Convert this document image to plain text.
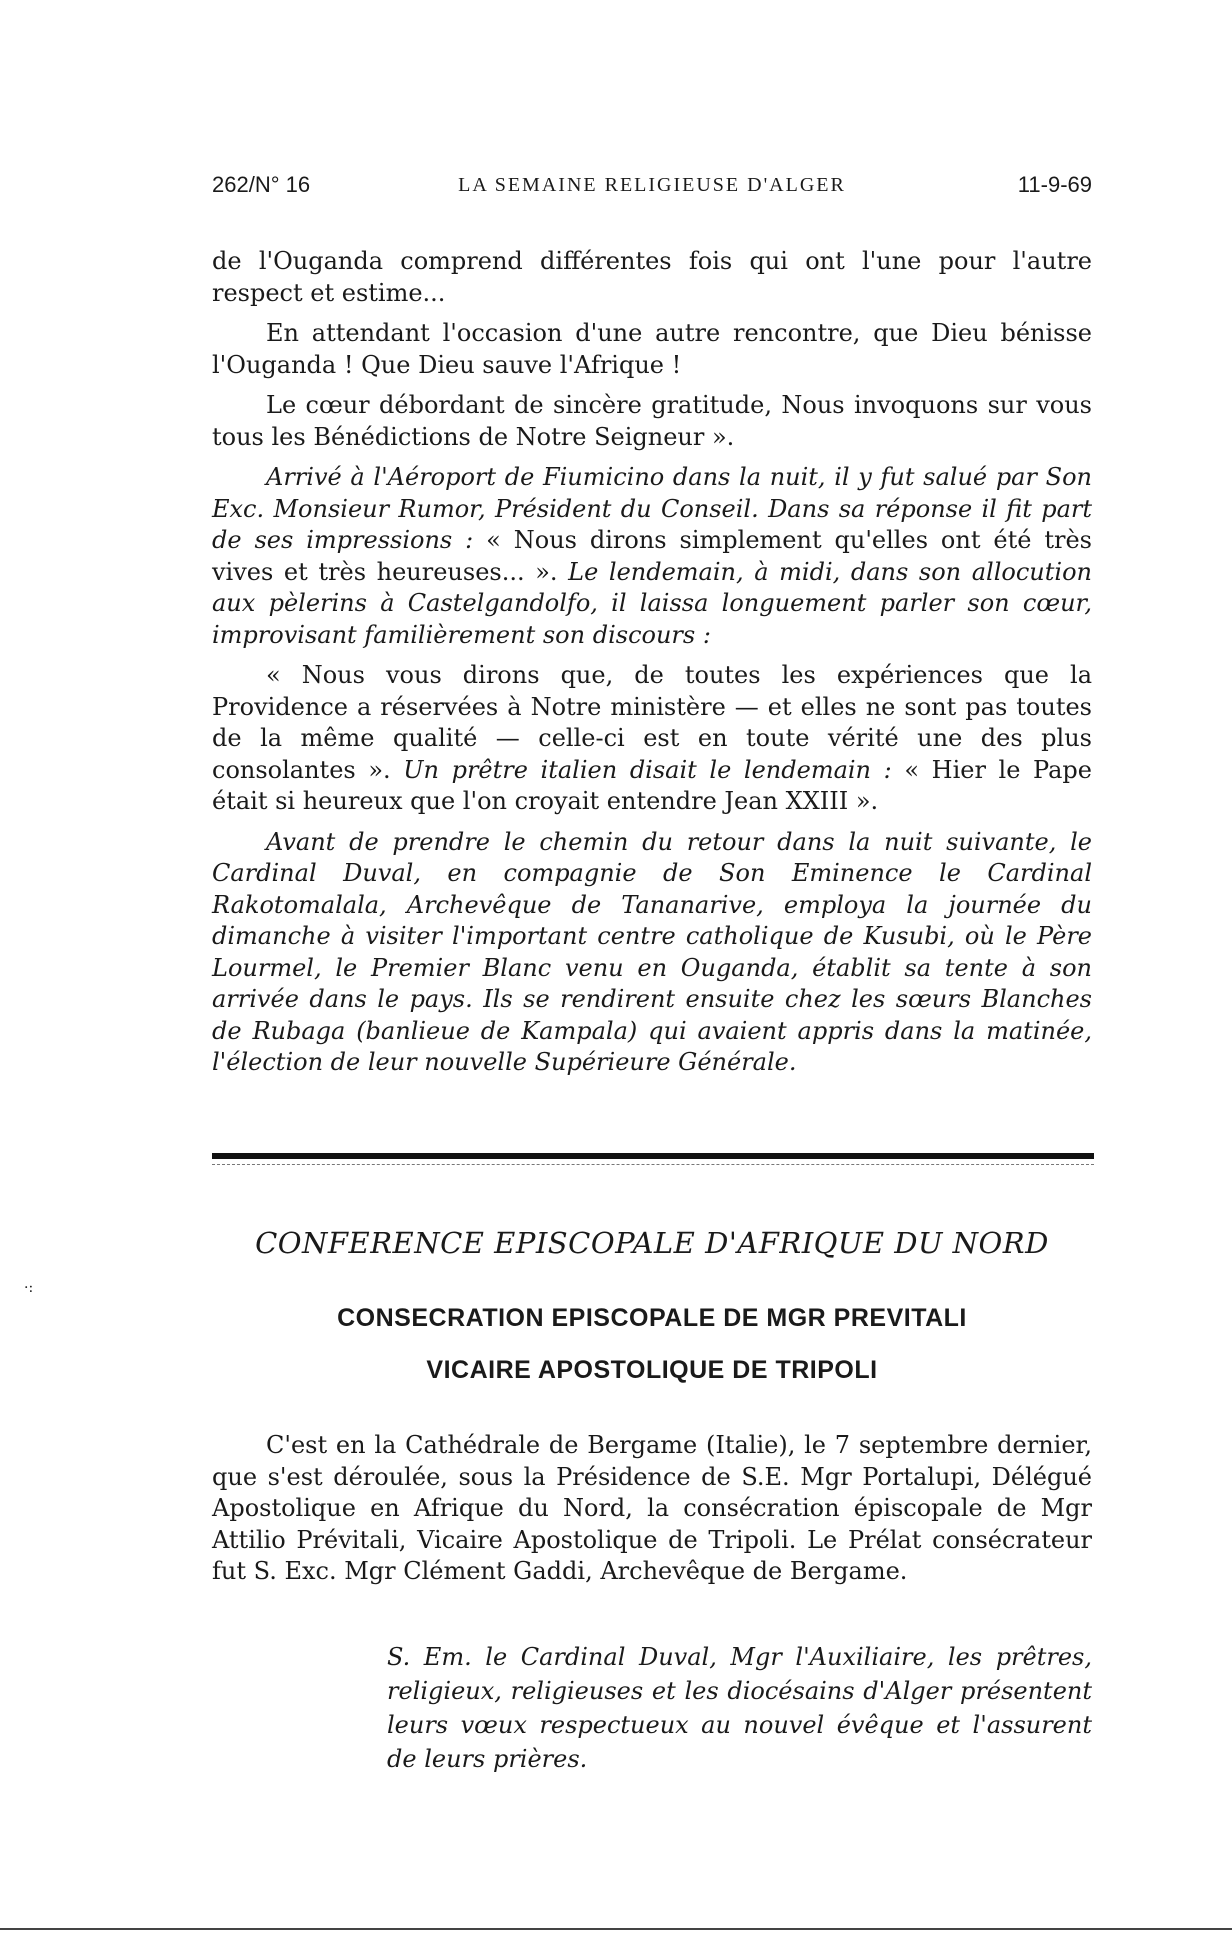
262/N° 16	LA SEMAINE RELIGIEUSE D'ALGER	11-9-69

de l'Ouganda comprend différentes fois qui ont l'une pour l'autre respect et estime...

En attendant l'occasion d'une autre rencontre, que Dieu bénisse l'Ouganda ! Que Dieu sauve l'Afrique !

Le cœur débordant de sincère gratitude, Nous invoquons sur vous tous les Bénédictions de Notre Seigneur ».

Arrivé à l'Aéroport de Fiumicino dans la nuit, il y fut salué par Son Exc. Monsieur Rumor, Président du Conseil. Dans sa réponse il fit part de ses impressions : « Nous dirons simplement qu'elles ont été très vives et très heureuses... ». Le lendemain, à midi, dans son allocution aux pèlerins à Castelgandolfo, il laissa longuement parler son cœur, improvisant familièrement son discours :

« Nous vous dirons que, de toutes les expériences que la Providence a réservées à Notre ministère — et elles ne sont pas toutes de la même qualité — celle-ci est en toute vérité une des plus consolantes ». Un prêtre italien disait le lendemain : « Hier le Pape était si heureux que l'on croyait entendre Jean XXIII ».

Avant de prendre le chemin du retour dans la nuit suivante, le Cardinal Duval, en compagnie de Son Eminence le Cardinal Rakotomalala, Archevêque de Tananarive, employa la journée du dimanche à visiter l'important centre catholique de Kusubi, où le Père Lourmel, le Premier Blanc venu en Ouganda, établit sa tente à son arrivée dans le pays. Ils se rendirent ensuite chez les sœurs Blanches de Rubaga (banlieue de Kampala) qui avaient appris dans la matinée, l'élection de leur nouvelle Supérieure Générale.

CONFERENCE EPISCOPALE D'AFRIQUE DU NORD
CONSECRATION EPISCOPALE DE MGR PREVITALI
VICAIRE APOSTOLIQUE DE TRIPOLI

C'est en la Cathédrale de Bergame (Italie), le 7 septembre dernier, que s'est déroulée, sous la Présidence de S.E. Mgr Portalupi, Délégué Apostolique en Afrique du Nord, la consécration épiscopale de Mgr Attilio Prévitali, Vicaire Apostolique de Tripoli. Le Prélat consécrateur fut S. Exc. Mgr Clément Gaddi, Archevêque de Bergame.

S. Em. le Cardinal Duval, Mgr l'Auxiliaire, les prêtres, religieux, religieuses et les diocésains d'Alger présentent leurs vœux respectueux au nouvel évêque et l'assurent de leurs prières.
·:
